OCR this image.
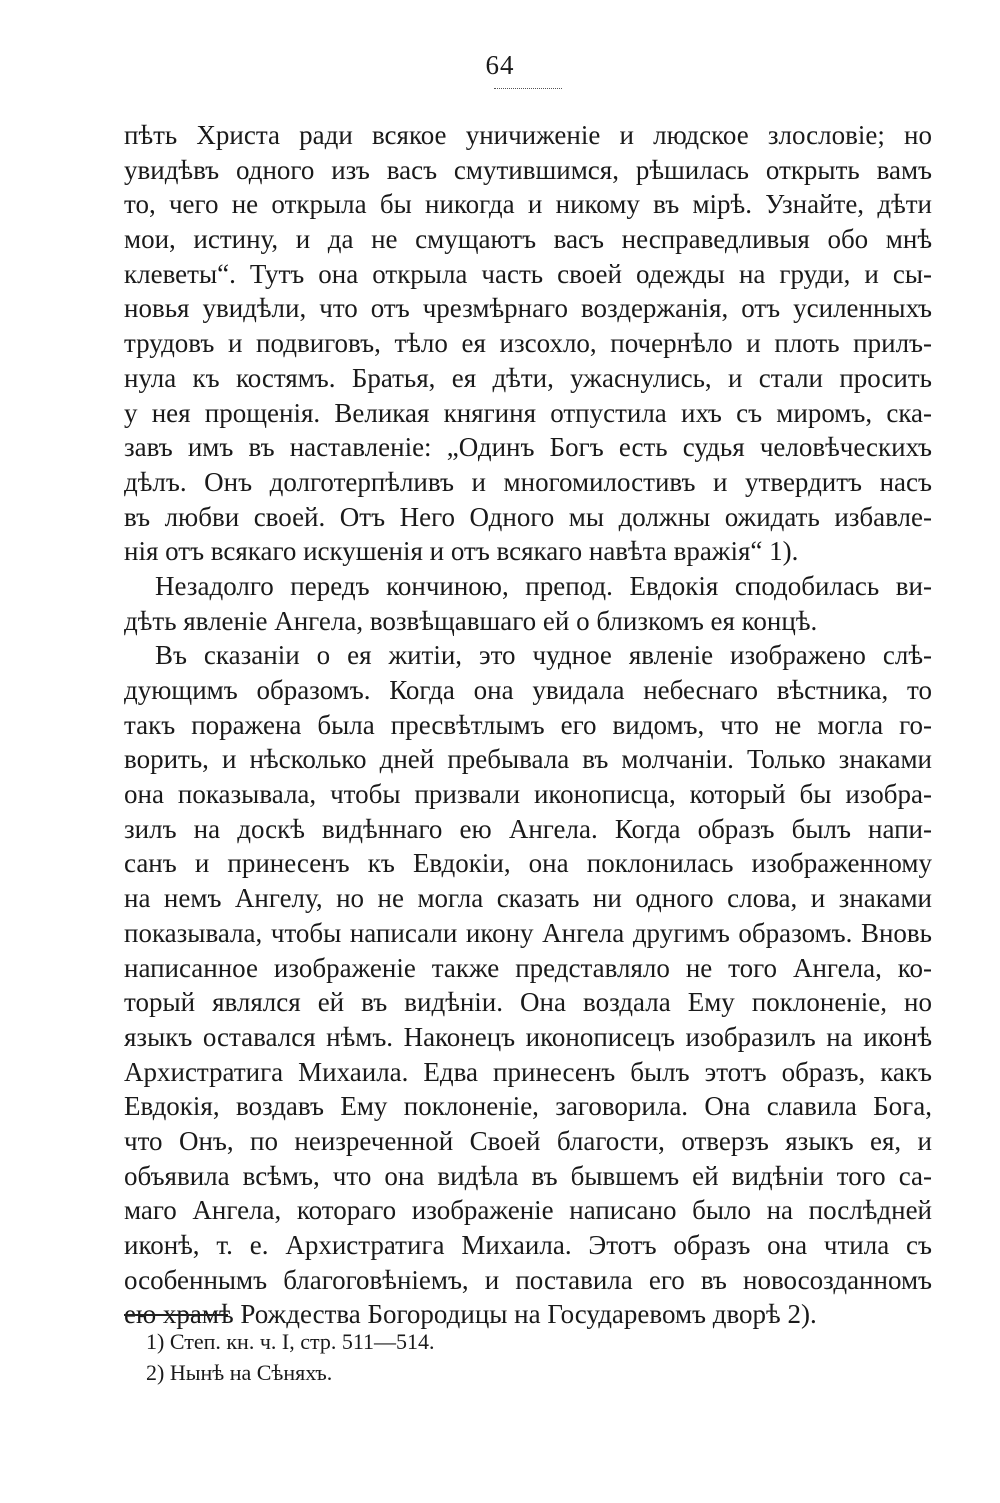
64
пѣть Христа ради всякое уничиженіе и людское злословіе; но
увидѣвъ одного изъ васъ смутившимся, рѣшилась открыть вамъ
то, чего не открыла бы никогда и никому въ мірѣ. Узнайте, дѣти
мои, истину, и да не смущаютъ васъ несправедливыя обо мнѣ
клеветы“. Тутъ она открыла часть своей одежды на груди, и сы-
новья увидѣли, что отъ чрезмѣрнаго воздержанія, отъ усиленныхъ
трудовъ и подвиговъ, тѣло ея изсохло, почернѣло и плоть прилъ-
нула къ костямъ. Братья, ея дѣти, ужаснулись, и стали просить
у нея прощенія. Великая княгиня отпустила ихъ съ миромъ, ска-
завъ имъ въ наставленіе: „Одинъ Богъ есть судья человѣческихъ
дѣлъ. Онъ долготерпѣливъ и многомилостивъ и утвердитъ насъ
въ любви своей. Отъ Него Одного мы должны ожидать избавле-
нія отъ всякаго искушенія и отъ всякаго навѣта вражія“ 1).
Незадолго передъ кончиною, препод. Евдокія сподобилась ви-
дѣть явленіе Ангела, возвѣщавшаго ей о близкомъ ея концѣ.
Въ сказаніи о ея житіи, это чудное явленіе изображено слѣ-
дующимъ образомъ. Когда она увидала небеснаго вѣстника, то
такъ поражена была пресвѣтлымъ его видомъ, что не могла го-
ворить, и нѣсколько дней пребывала въ молчаніи. Только знаками
она показывала, чтобы призвали иконописца, который бы изобра-
зилъ на доскѣ видѣннаго ею Ангела. Когда образъ былъ напи-
санъ и принесенъ къ Евдокіи, она поклонилась изображенному
на немъ Ангелу, но не могла сказать ни одного слова, и знаками
показывала, чтобы написали икону Ангела другимъ образомъ. Вновь
написанное изображеніе также представляло не того Ангела, ко-
торый являлся ей въ видѣніи. Она воздала Ему поклоненіе, но
языкъ оставался нѣмъ. Наконецъ иконописецъ изобразилъ на иконѣ
Архистратига Михаила. Едва принесенъ былъ этотъ образъ, какъ
Евдокія, воздавъ Ему поклоненіе, заговорила. Она славила Бога,
что Онъ, по неизреченной Своей благости, отверзъ языкъ ея, и
объявила всѣмъ, что она видѣла въ бывшемъ ей видѣніи того са-
маго Ангела, котораго изображеніе написано было на послѣдней
иконѣ, т. е. Архистратига Михаила. Этотъ образъ она чтила съ
особеннымъ благоговѣніемъ, и поставила его въ новосозданномъ
ею храмѣ Рождества Богородицы на Государевомъ дворѣ 2).
1) Степ. кн. ч. I, стр. 511—514.
2) Нынѣ на Сѣняхъ.
